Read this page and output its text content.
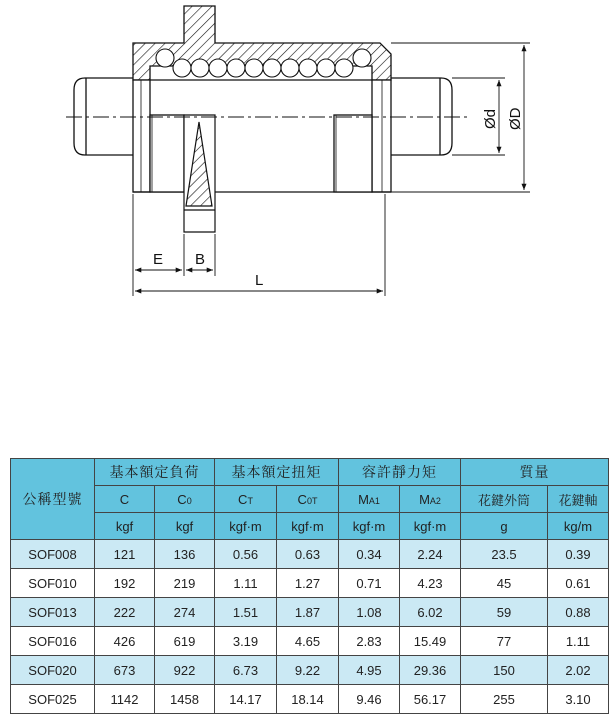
Ød ØD
E B
L
公稱型號	基本額定負荷		基本額定扭矩		容許靜力矩		質量	
	C	C0	CT	C0T	MA1	MA2	花鍵外筒	花鍵軸
	kgf	kgf	kgf·m	kgf·m	kgf·m	kgf·m	g	kg/m
SOF008	121	136	0.56	0.63	0.34	2.24	23.5	0.39
SOF010	192	219	1.11	1.27	0.71	4.23	45	0.61
SOF013	222	274	1.51	1.87	1.08	6.02	59	0.88
SOF016	426	619	3.19	4.65	2.83	15.49	77	1.11
SOF020	673	922	6.73	9.22	4.95	29.36	150	2.02
SOF025	1142	1458	14.17	18.14	9.46	56.17	255	3.10
